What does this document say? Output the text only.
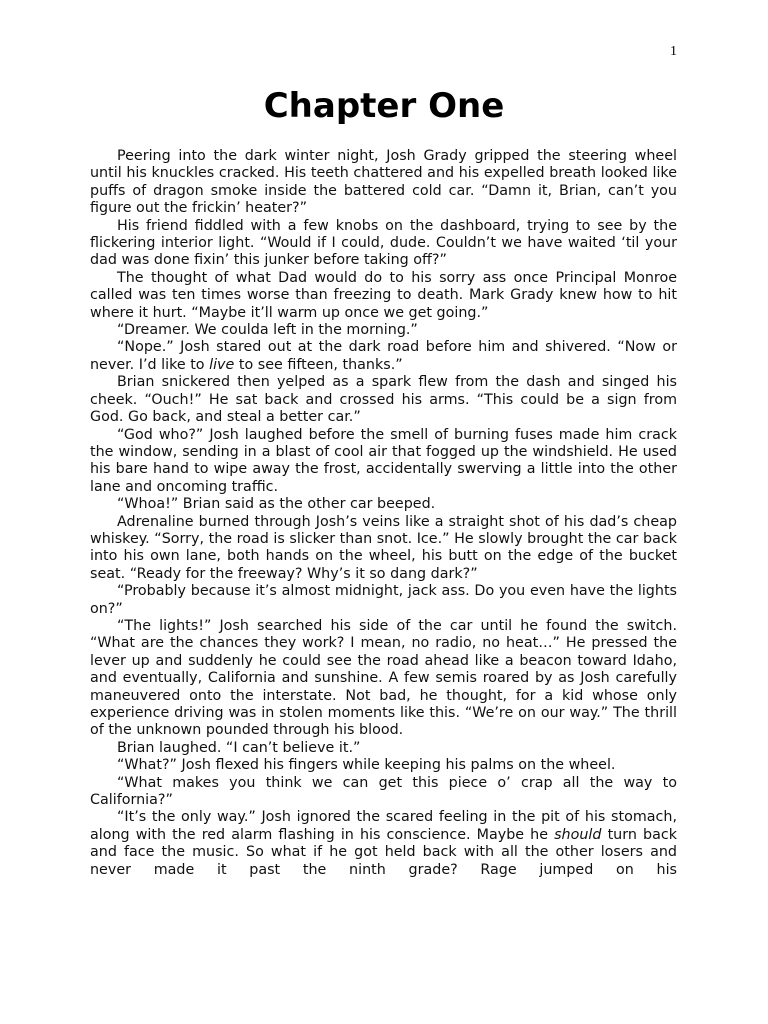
1
Chapter One

Peering into the dark winter night, Josh Grady gripped the steering wheel until his knuckles cracked. His teeth chattered and his expelled breath looked like puffs of dragon smoke inside the battered cold car. “Damn it, Brian, can’t you figure out the frickin’ heater?”

His friend fiddled with a few knobs on the dashboard, trying to see by the flickering interior light. “Would if I could, dude. Couldn’t we have waited ‘til your dad was done fixin’ this junker before taking off?”

The thought of what Dad would do to his sorry ass once Principal Monroe called was ten times worse than freezing to death. Mark Grady knew how to hit where it hurt. “Maybe it’ll warm up once we get going.”

“Dreamer. We coulda left in the morning.”

“Nope.” Josh stared out at the dark road before him and shivered. “Now or never. I’d like to live to see fifteen, thanks.”

Brian snickered then yelped as a spark flew from the dash and singed his cheek. “Ouch!” He sat back and crossed his arms. “This could be a sign from God. Go back, and steal a better car.”

“God who?” Josh laughed before the smell of burning fuses made him crack the window, sending in a blast of cool air that fogged up the windshield. He used his bare hand to wipe away the frost, accidentally swerving a little into the other lane and oncoming traffic.

“Whoa!” Brian said as the other car beeped.

Adrenaline burned through Josh’s veins like a straight shot of his dad’s cheap whiskey. “Sorry, the road is slicker than snot. Ice.” He slowly brought the car back into his own lane, both hands on the wheel, his butt on the edge of the bucket seat. “Ready for the freeway? Why’s it so dang dark?”

“Probably because it’s almost midnight, jack ass. Do you even have the lights on?”

“The lights!” Josh searched his side of the car until he found the switch. “What are the chances they work? I mean, no radio, no heat…” He pressed the lever up and suddenly he could see the road ahead like a beacon toward Idaho, and eventually, California and sunshine. A few semis roared by as Josh carefully maneuvered onto the interstate. Not bad, he thought, for a kid whose only experience driving was in stolen moments like this. “We’re on our way.” The thrill of the unknown pounded through his blood.

Brian laughed. “I can’t believe it.”

“What?” Josh flexed his fingers while keeping his palms on the wheel.

“What makes you think we can get this piece o’ crap all the way to California?”

“It’s the only way.” Josh ignored the scared feeling in the pit of his stomach, along with the red alarm flashing in his conscience. Maybe he should turn back and face the music. So what if he got held back with all the other losers and never made it past the ninth grade? Rage jumped on his
